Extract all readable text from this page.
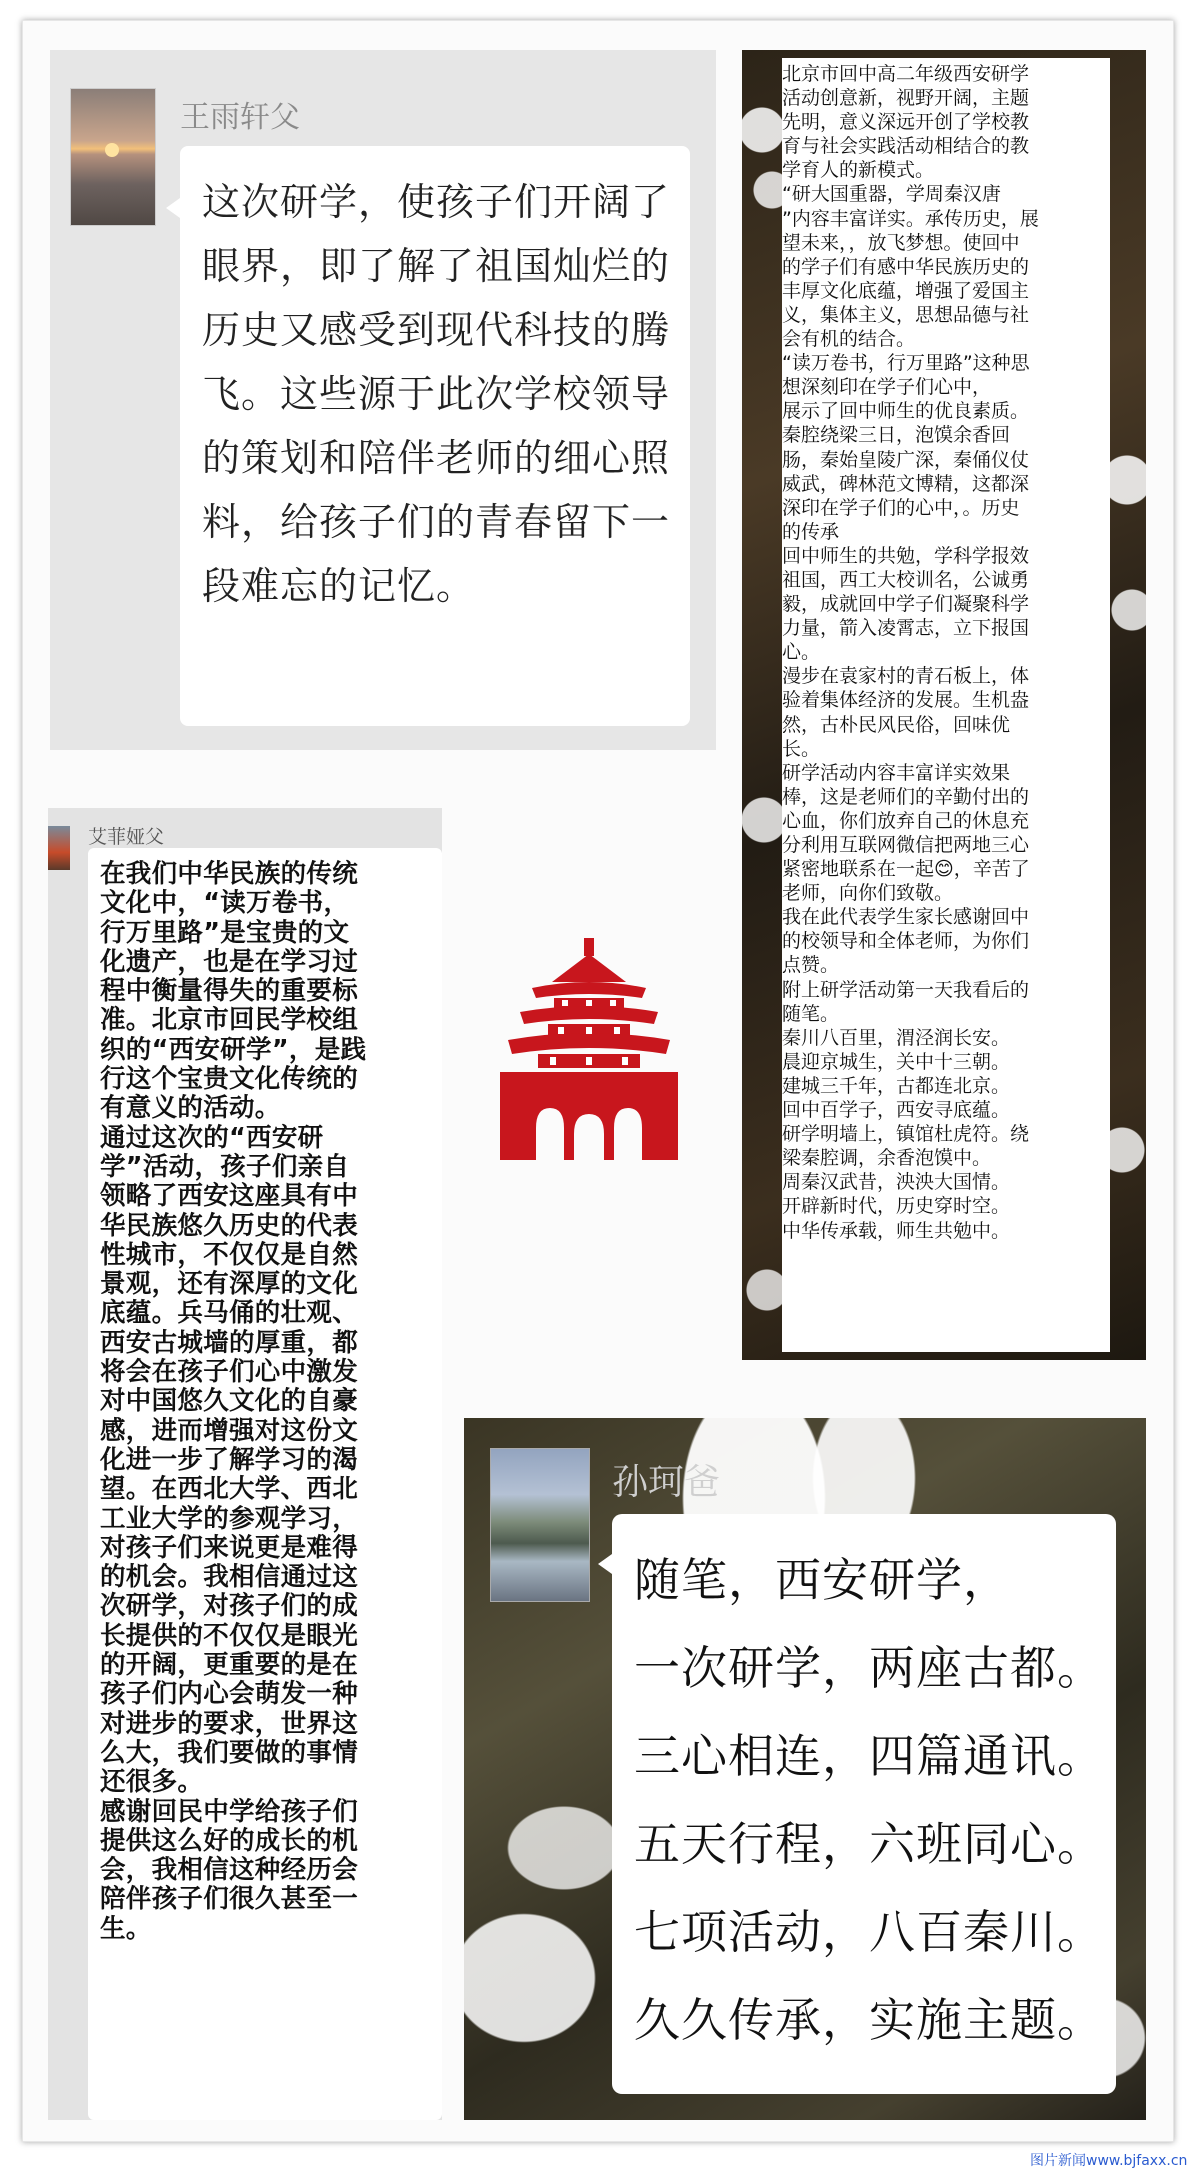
王雨轩父
这次研学，使孩子们开阔了眼界，即了解了祖国灿烂的历史又感受到现代科技的腾飞。这些源于此次学校领导的策划和陪伴老师的细心照料，给孩子们的青春留下一段难忘的记忆。
北京市回中高二年级西安研学
活动创意新，视野开阔，主题
先明，意义深远开创了学校教
育与社会实践活动相结合的教
学育人的新模式。
“研大国重器，学周秦汉唐
”内容丰富详实。承传历史，展
望未来，，放飞梦想。使回中
的学子们有感中华民族历史的
丰厚文化底蕴，增强了爱国主
义，集体主义，思想品德与社
会有机的结合。
“读万卷书，行万里路”这种思
想深刻印在学子们心中，
展示了回中师生的优良素质。
秦腔绕梁三日，泡馍余香回
肠，秦始皇陵广深，秦俑仪仗
威武，碑林范文博精，这都深
深印在学子们的心中，。历史
的传承
回中师生的共勉，学科学报效
祖国，西工大校训名，公诚勇
毅，成就回中学子们凝聚科学
力量，箭入凌霄志，立下报国
心。
漫步在袁家村的青石板上，体
验着集体经济的发展。生机盎
然，古朴民风民俗，回味优
长。
研学活动内容丰富详实效果
棒，这是老师们的辛勤付出的
心血，你们放弃自己的休息充
分利用互联网微信把两地三心
紧密地联系在一起😊，辛苦了
老师，向你们致敬。
我在此代表学生家长感谢回中
的校领导和全体老师，为你们
点赞。
附上研学活动第一天我看后的
随笔。
秦川八百里，渭泾润长安。
晨迎京城生，关中十三朝。
建城三千年，古都连北京。
回中百学子，西安寻底蕴。
研学明墙上，镇馆杜虎符。绕
梁秦腔调，余香泡馍中。
周秦汉武昔，泱泱大国情。
开辟新时代，历史穿时空。
中华传承载，师生共勉中。
艾菲娅父
在我们中华民族的传统
文化中，“读万卷书，
行万里路”是宝贵的文
化遗产，也是在学习过
程中衡量得失的重要标
准。北京市回民学校组
织的“西安研学”，是践
行这个宝贵文化传统的
有意义的活动。
通过这次的“西安研
学”活动，孩子们亲自
领略了西安这座具有中
华民族悠久历史的代表
性城市，不仅仅是自然
景观，还有深厚的文化
底蕴。兵马俑的壮观、
西安古城墙的厚重，都
将会在孩子们心中激发
对中国悠久文化的自豪
感，进而增强对这份文
化进一步了解学习的渴
望。在西北大学、西北
工业大学的参观学习，
对孩子们来说更是难得
的机会。我相信通过这
次研学，对孩子们的成
长提供的不仅仅是眼光
的开阔，更重要的是在
孩子们内心会萌发一种
对进步的要求，世界这
么大，我们要做的事情
还很多。
感谢回民中学给孩子们
提供这么好的成长的机
会，我相信这种经历会
陪伴孩子们很久甚至一
生。
孙珂爸
随笔，西安研学，
一次研学，两座古都。
三心相连，四篇通讯。
五天行程，六班同心。
七项活动，八百秦川。
久久传承，实施主题。
图片新闻www.bjfaxx.cn
